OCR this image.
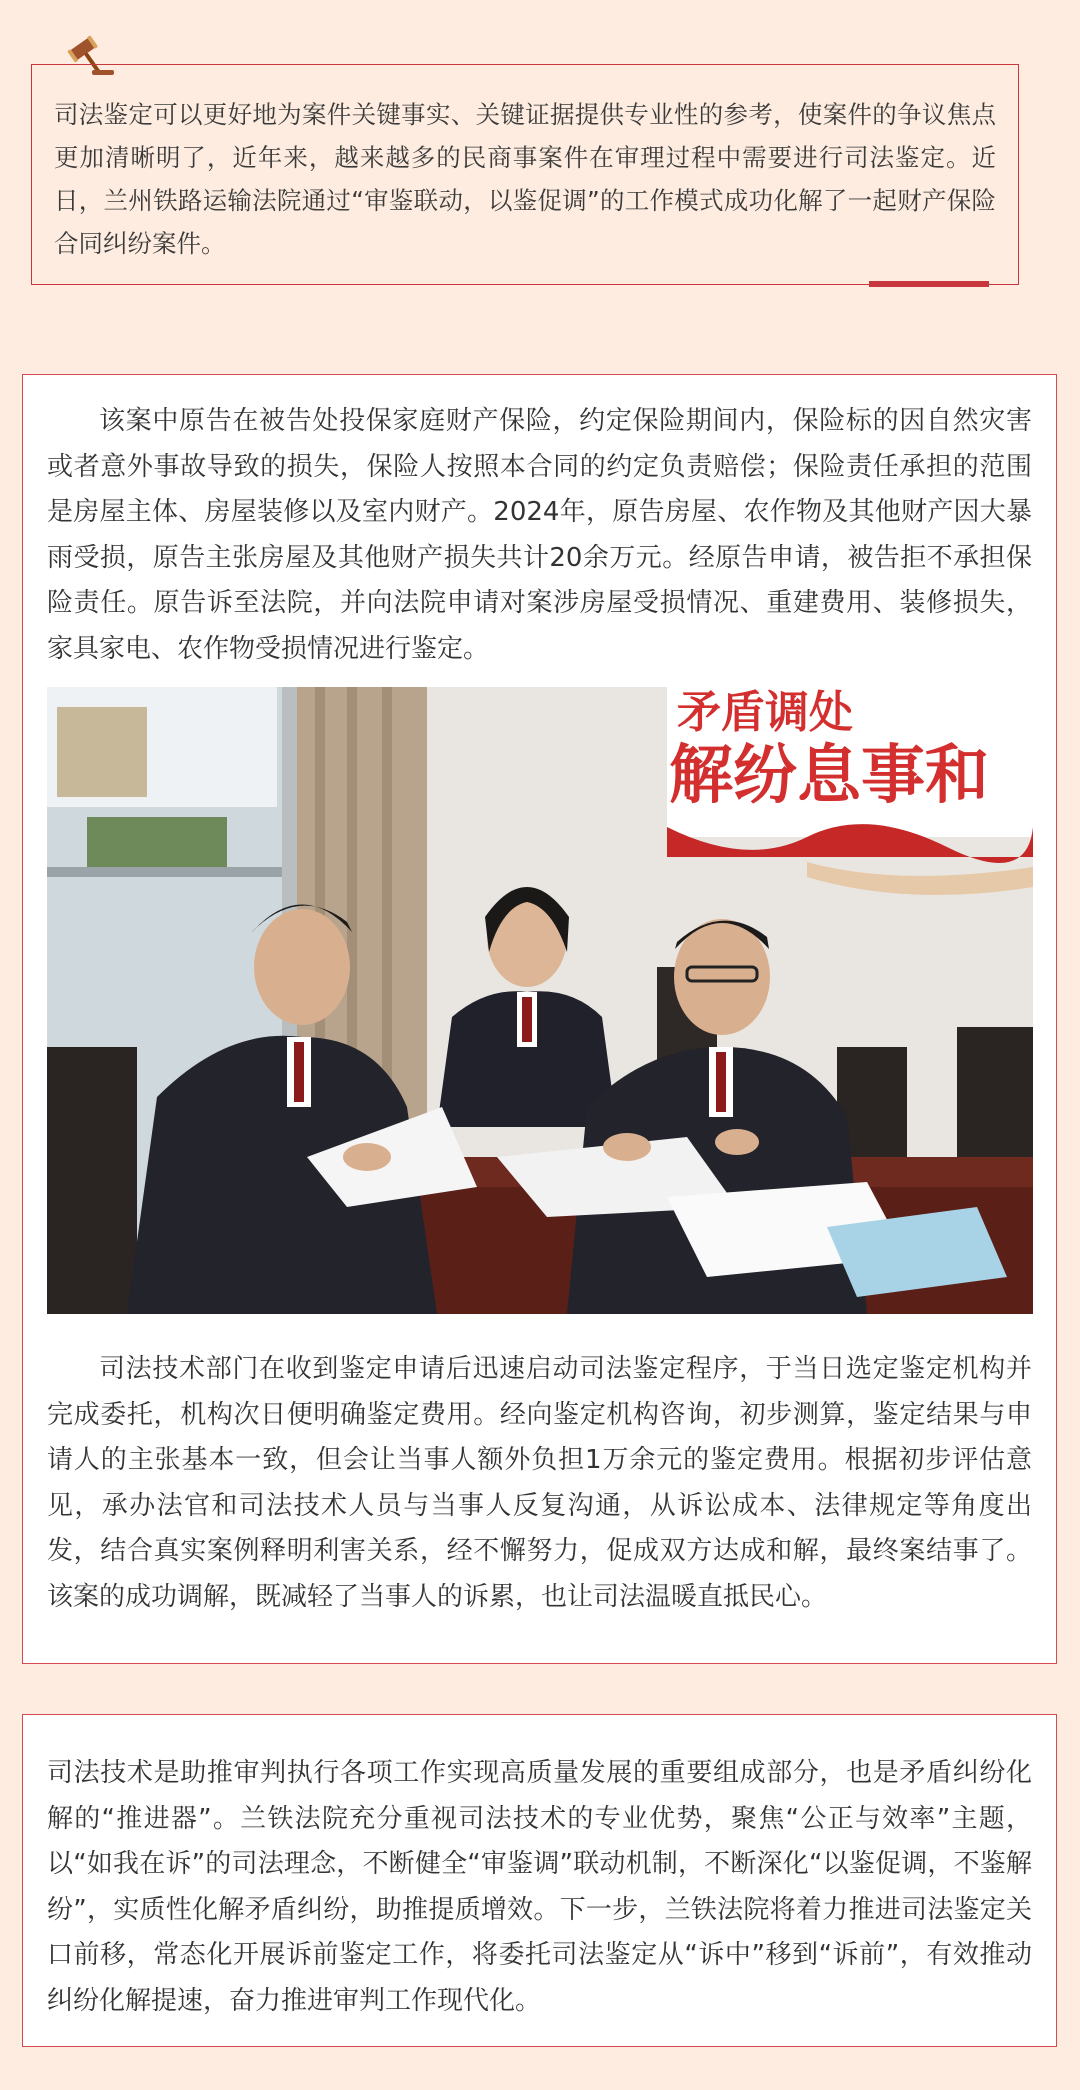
司法鉴定可以更好地为案件关键事实、关键证据提供专业性的参考，使案件的争议焦点更加清晰明了，近年来，越来越多的民商事案件在审理过程中需要进行司法鉴定。近日，兰州铁路运输法院通过“审鉴联动，以鉴促调”的工作模式成功化解了一起财产保险合同纠纷案件。

该案中原告在被告处投保家庭财产保险，约定保险期间内，保险标的因自然灾害或者意外事故导致的损失，保险人按照本合同的约定负责赔偿；保险责任承担的范围是房屋主体、房屋装修以及室内财产。2024年，原告房屋、农作物及其他财产因大暴雨受损，原告主张房屋及其他财产损失共计20余万元。经原告申请，被告拒不承担保险责任。原告诉至法院，并向法院申请对案涉房屋受损情况、重建费用、装修损失，家具家电、农作物受损情况进行鉴定。

矛盾调处
解纷息事和

司法技术部门在收到鉴定申请后迅速启动司法鉴定程序，于当日选定鉴定机构并完成委托，机构次日便明确鉴定费用。经向鉴定机构咨询，初步测算，鉴定结果与申请人的主张基本一致，但会让当事人额外负担1万余元的鉴定费用。根据初步评估意见，承办法官和司法技术人员与当事人反复沟通，从诉讼成本、法律规定等角度出发，结合真实案例释明利害关系，经不懈努力，促成双方达成和解，最终案结事了。该案的成功调解，既减轻了当事人的诉累，也让司法温暖直抵民心。

司法技术是助推审判执行各项工作实现高质量发展的重要组成部分，也是矛盾纠纷化解的“推进器”。兰铁法院充分重视司法技术的专业优势，聚焦“公正与效率”主题，以“如我在诉”的司法理念，不断健全“审鉴调”联动机制，不断深化“以鉴促调，不鉴解纷”，实质性化解矛盾纠纷，助推提质增效。下一步，兰铁法院将着力推进司法鉴定关口前移，常态化开展诉前鉴定工作，将委托司法鉴定从“诉中”移到“诉前”，有效推动纠纷化解提速，奋力推进审判工作现代化。
